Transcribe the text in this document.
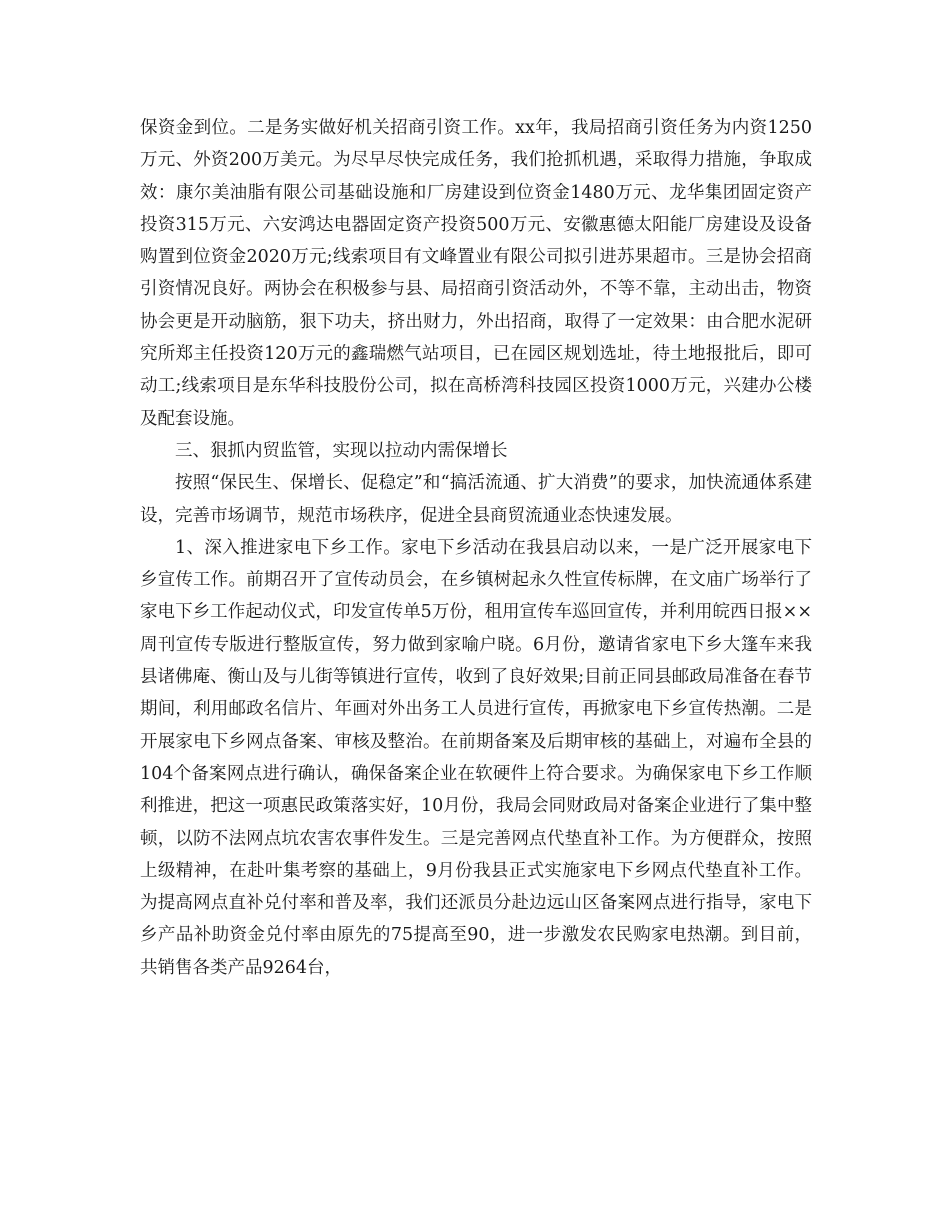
保资金到位。二是务实做好机关招商引资工作。xx年，我局招商引资任务为内资1250万元、外资200万美元。为尽早尽快完成任务，我们抢抓机遇，采取得力措施，争取成效：康尔美油脂有限公司基础设施和厂房建设到位资金1480万元、龙华集团固定资产投资315万元、六安鸿达电器固定资产投资500万元、安徽惠德太阳能厂房建设及设备购置到位资金2020万元;线索项目有文峰置业有限公司拟引进苏果超市。三是协会招商引资情况良好。两协会在积极参与县、局招商引资活动外，不等不靠，主动出击，物资协会更是开动脑筋，狠下功夫，挤出财力，外出招商，取得了一定效果：由合肥水泥研究所郑主任投资120万元的鑫瑞燃气站项目，已在园区规划选址，待土地报批后，即可动工;线索项目是东华科技股份公司，拟在高桥湾科技园区投资1000万元，兴建办公楼及配套设施。

三、狠抓内贸监管，实现以拉动内需保增长

按照“保民生、保增长、促稳定”和“搞活流通、扩大消费”的要求，加快流通体系建设，完善市场调节，规范市场秩序，促进全县商贸流通业态快速发展。

1、深入推进家电下乡工作。家电下乡活动在我县启动以来，一是广泛开展家电下乡宣传工作。前期召开了宣传动员会，在乡镇树起永久性宣传标牌，在文庙广场举行了家电下乡工作起动仪式，印发宣传单5万份，租用宣传车巡回宣传，并利用皖西日报××周刊宣传专版进行整版宣传，努力做到家喻户晓。6月份，邀请省家电下乡大篷车来我县诸佛庵、衡山及与儿街等镇进行宣传，收到了良好效果;目前正同县邮政局准备在春节期间，利用邮政名信片、年画对外出务工人员进行宣传，再掀家电下乡宣传热潮。二是开展家电下乡网点备案、审核及整治。在前期备案及后期审核的基础上，对遍布全县的104个备案网点进行确认，确保备案企业在软硬件上符合要求。为确保家电下乡工作顺利推进，把这一项惠民政策落实好，10月份，我局会同财政局对备案企业进行了集中整顿，以防不法网点坑农害农事件发生。三是完善网点代垫直补工作。为方便群众，按照上级精神，在赴叶集考察的基础上，9月份我县正式实施家电下乡网点代垫直补工作。为提高网点直补兑付率和普及率，我们还派员分赴边远山区备案网点进行指导，家电下乡产品补助资金兑付率由原先的75提高至90，进一步激发农民购家电热潮。到目前，共销售各类产品9264台，
